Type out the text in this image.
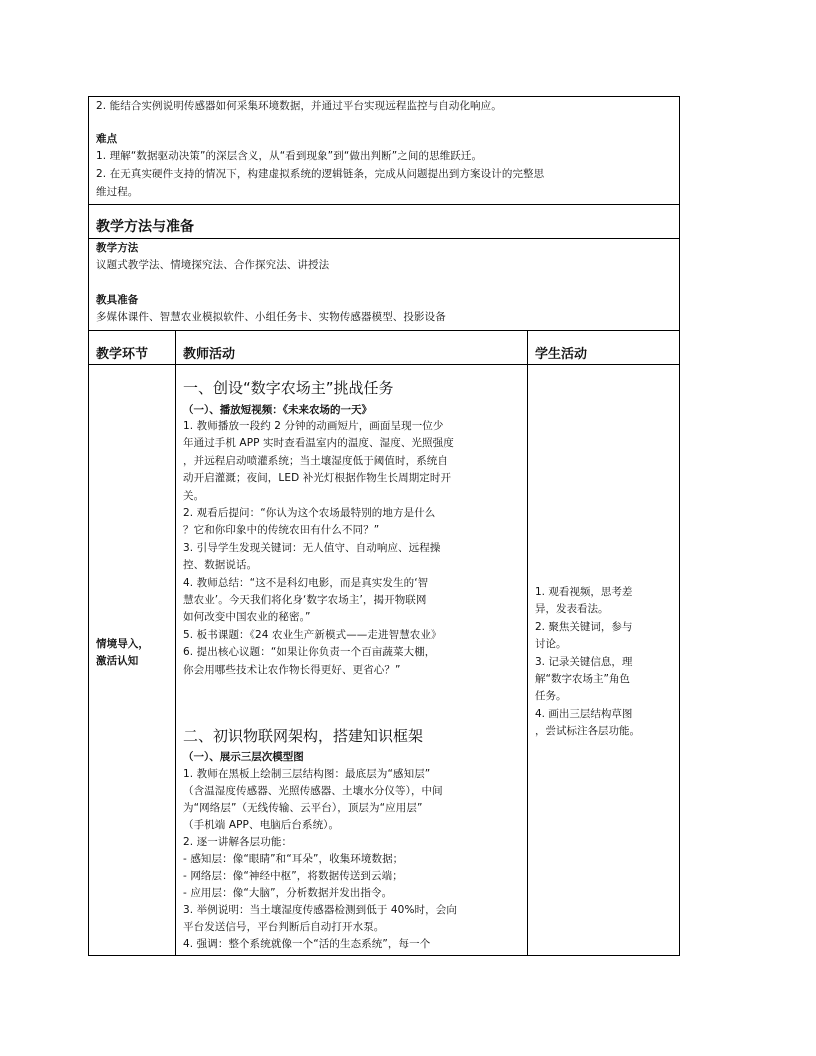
2. 能结合实例说明传感器如何采集环境数据，并通过平台实现远程监控与自动化响应。
难点
1. 理解“数据驱动决策”的深层含义，从“看到现象”到“做出判断”之间的思维跃迁。
2. 在无真实硬件支持的情况下，构建虚拟系统的逻辑链条，完成从问题提出到方案设计的完整思
维过程。
教学方法与准备
教学方法
议题式教学法、情境探究法、合作探究法、讲授法
教具准备
多媒体课件、智慧农业模拟软件、小组任务卡、实物传感器模型、投影设备
教学环节	教师活动	学生活动
情境导入，
激活认知
一、创设“数字农场主”挑战任务
（一）、播放短视频：《未来农场的一天》
1. 教师播放一段约 2 分钟的动画短片，画面呈现一位少
年通过手机 APP 实时查看温室内的温度、湿度、光照强度
，并远程启动喷灌系统；当土壤湿度低于阈值时，系统自
动开启灌溉；夜间，LED 补光灯根据作物生长周期定时开
关。
2. 观看后提问：“你认为这个农场最特别的地方是什么
？它和你印象中的传统农田有什么不同？”
3. 引导学生发现关键词：无人值守、自动响应、远程操
控、数据说话。
4. 教师总结：“这不是科幻电影，而是真实发生的‘智
慧农业’。今天我们将化身‘数字农场主’，揭开物联网
如何改变中国农业的秘密。”
5. 板书课题：《24 农业生产新模式——走进智慧农业》
6. 提出核心议题：“如果让你负责一个百亩蔬菜大棚，
你会用哪些技术让农作物长得更好、更省心？”
二、初识物联网架构，搭建知识框架
（一）、展示三层次模型图
1. 教师在黑板上绘制三层结构图：最底层为“感知层”
（含温湿度传感器、光照传感器、土壤水分仪等），中间
为“网络层”（无线传输、云平台），顶层为“应用层”
（手机端 APP、电脑后台系统）。
2. 逐一讲解各层功能：
- 感知层：像“眼睛”和“耳朵”，收集环境数据；
- 网络层：像“神经中枢”，将数据传送到云端；
- 应用层：像“大脑”，分析数据并发出指令。
3. 举例说明：当土壤湿度传感器检测到低于 40%时，会向
平台发送信号，平台判断后自动打开水泵。
4. 强调：整个系统就像一个“活的生态系统”，每一个
1. 观看视频，思考差
异，发表看法。
2. 聚焦关键词，参与
讨论。
3. 记录关键信息，理
解“数字农场主”角色
任务。
4. 画出三层结构草图
，尝试标注各层功能。
